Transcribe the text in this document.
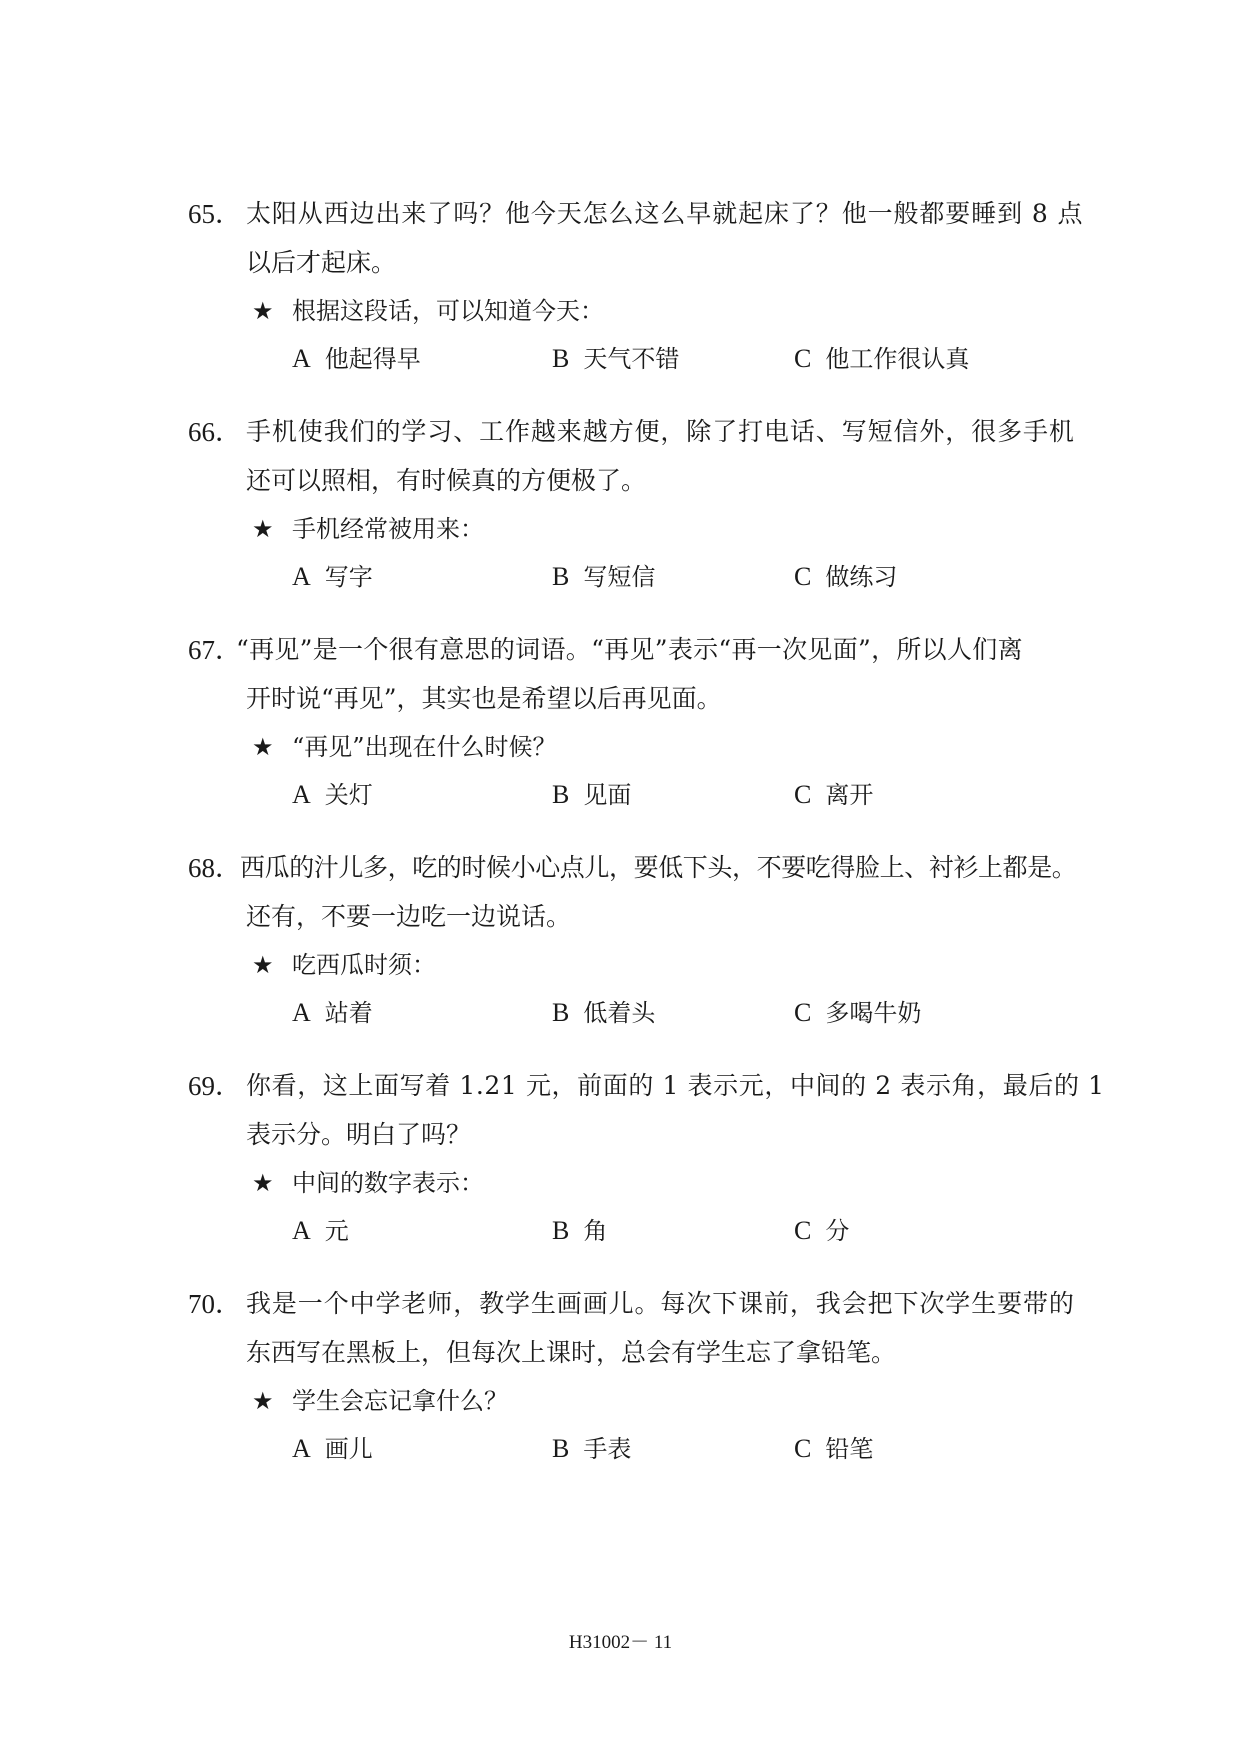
65． 太阳从西边出来了吗？他今天怎么这么早就起床了？他一般都要睡到 8 点
以后才起床。
★ 根据这段话，可以知道今天：
A 他起得早	B 天气不错	C 他工作很认真
66． 手机使我们的学习、工作越来越方便，除了打电话、写短信外，很多手机
还可以照相，有时候真的方便极了。
★ 手机经常被用来：
A 写字	B 写短信	C 做练习
67．
“再见”是一个很有意思的词语。“再见”表示“再一次见面”，所以人们离
开时说“再见”，其实也是希望以后再见面。
★ “再见”出现在什么时候？
A 关灯	B 见面	C 离开
68．
西瓜的汁儿多，吃的时候小心点儿，要低下头，不要吃得脸上、衬衫上都是。
还有，不要一边吃一边说话。
★ 吃西瓜时须：
A 站着	B 低着头	C 多喝牛奶
69． 你看，这上面写着 1.21 元，前面的 1 表示元，中间的 2 表示角，最后的 1
表示分。明白了吗？
★ 中间的数字表示：
A 元	B 角	C 分
70． 我是一个中学老师，教学生画画儿。每次下课前，我会把下次学生要带的
东西写在黑板上，但每次上课时，总会有学生忘了拿铅笔。
★ 学生会忘记拿什么？
A 画儿	B 手表	C 铅笔
H31002－ 11
